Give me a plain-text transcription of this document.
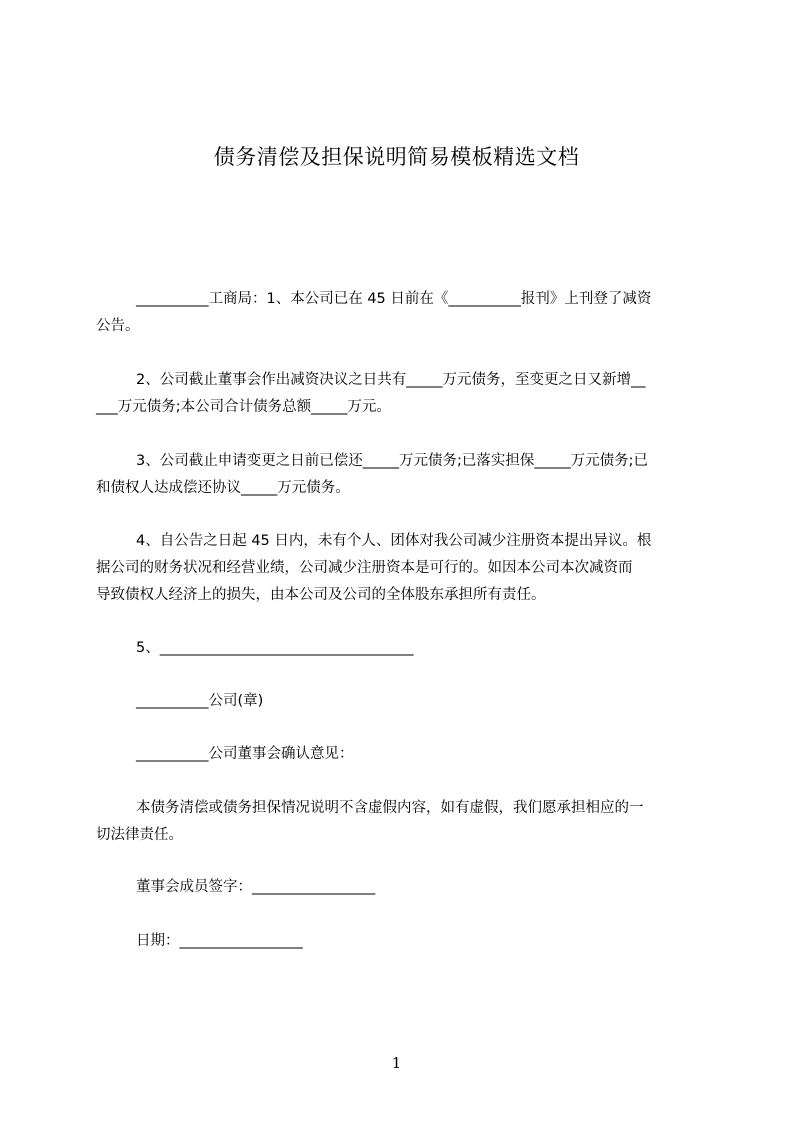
债务清偿及担保说明简易模板精选文档
__________工商局：1、本公司已在 45 日前在《__________报刊》上刊登了减资
公告。
2、公司截止董事会作出减资决议之日共有_____万元债务，至变更之日又新增__
___万元债务;本公司合计债务总额_____万元。
3、公司截止申请变更之日前已偿还_____万元债务;已落实担保_____万元债务;已
和债权人达成偿还协议_____万元债务。
4、自公告之日起 45 日内，未有个人、团体对我公司减少注册资本提出异议。根
据公司的财务状况和经营业绩，公司减少注册资本是可行的。如因本公司本次减资而
导致债权人经济上的损失，由本公司及公司的全体股东承担所有责任。
5、___________________________________
__________公司(章)
__________公司董事会确认意见：
本债务清偿或债务担保情况说明不含虚假内容，如有虚假，我们愿承担相应的一
切法律责任。
董事会成员签字：_________________
日期：_________________
1
